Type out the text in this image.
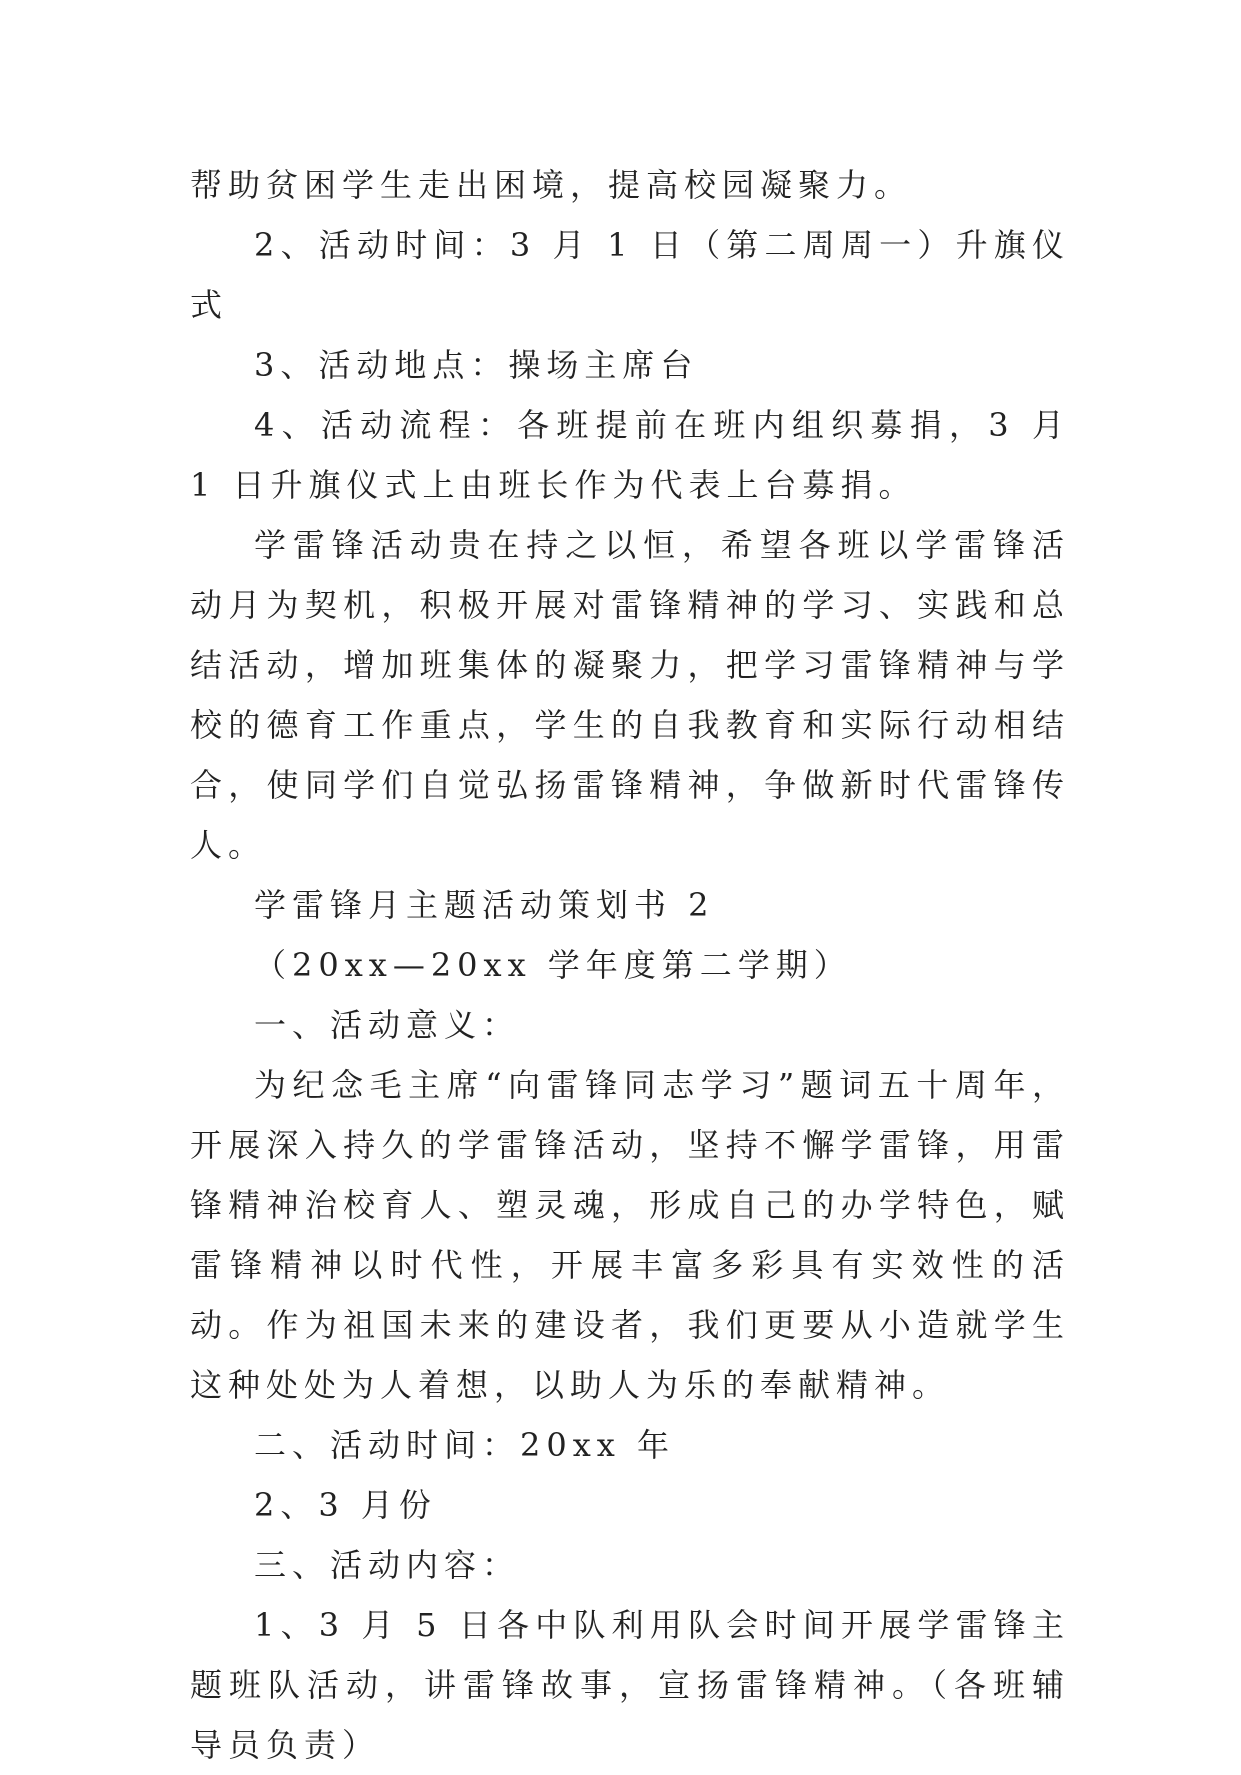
帮助贫困学生走出困境，提高校园凝聚力。

2、活动时间：3 月 1 日（第二周周一）升旗仪式

3、活动地点：操场主席台

4、活动流程：各班提前在班内组织募捐，3 月 1 日升旗仪式上由班长作为代表上台募捐。

学雷锋活动贵在持之以恒，希望各班以学雷锋活动月为契机，积极开展对雷锋精神的学习、实践和总结活动，增加班集体的凝聚力，把学习雷锋精神与学校的德育工作重点，学生的自我教育和实际行动相结合，使同学们自觉弘扬雷锋精神，争做新时代雷锋传人。

学雷锋月主题活动策划书 2

（20xx—20xx 学年度第二学期）

一、活动意义：

为纪念毛主席“向雷锋同志学习”题词五十周年，开展深入持久的学雷锋活动，坚持不懈学雷锋，用雷锋精神治校育人、塑灵魂，形成自己的办学特色，赋雷锋精神以时代性，开展丰富多彩具有实效性的活动。作为祖国未来的建设者，我们更要从小造就学生这种处处为人着想，以助人为乐的奉献精神。

二、活动时间：20xx 年

2、3 月份

三、活动内容：

1、3 月 5 日各中队利用队会时间开展学雷锋主题班队活动，讲雷锋故事，宣扬雷锋精神。（各班辅导员负责）
